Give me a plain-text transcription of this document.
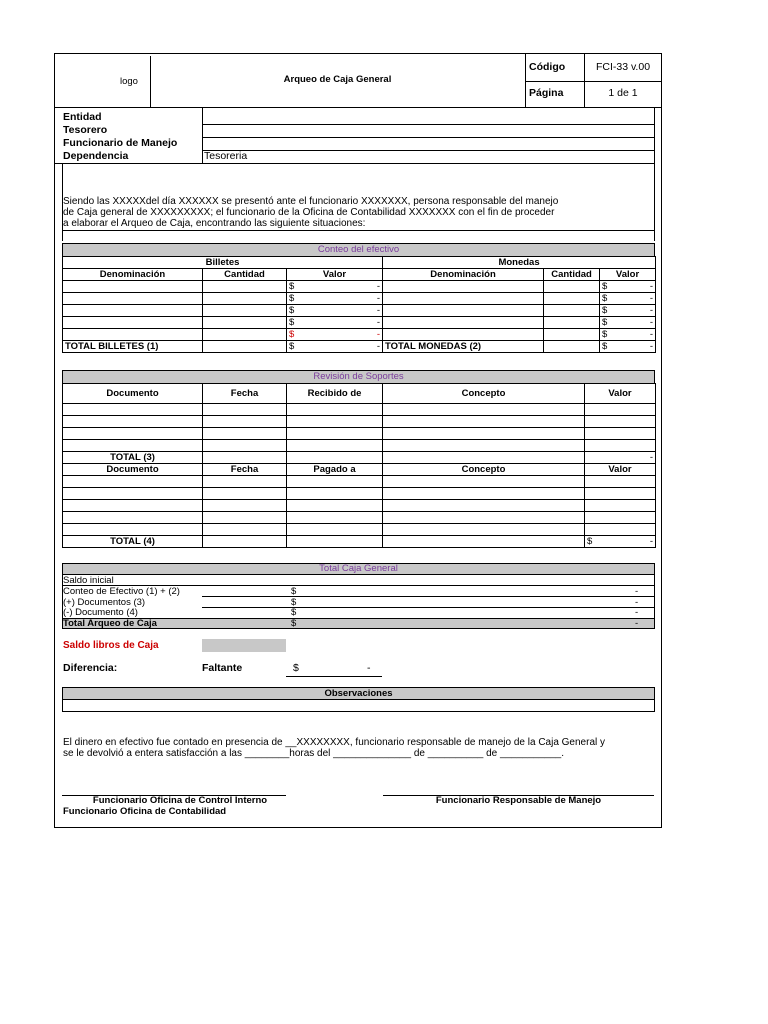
logo	Arqueo de Caja General
Código	FCI-33 v.00
Página	1 de 1
Entidad
Tesorero
Funcionario de Manejo
Dependencia	Tesoreria
Siendo las XXXXXdel día XXXXXX se presentó ante el funcionario XXXXXXX, persona responsable del manejo
de Caja general de XXXXXXXXX; el funcionario de la Oficina de Contabilidad XXXXXXX con el fin de proceder
a elaborar el Arqueo de Caja, encontrando las siguiente situaciones:
Conteo del efectivo
Billetes			Monedas		
Denominación	Cantidad	Valor	Denominación	Cantidad	Valor

		$ -			$ -

		$ -			$ -

		$ -			$ -

		$ -			$ -

		$ -			$ -

TOTAL BILLETES (1)		$ -	TOTAL MONEDAS (2)		$ -
Revisión de Soportes
Documento	Fecha	Recibido de	Concepto	Valor

TOTAL (3)				-
Documento	Fecha	Pagado a	Concepto	Valor

TOTAL (4)				$ -
Total Caja General
Saldo inicial
Conteo de Efectivo (1) + (2)	$	-
(+) Documentos (3)	$	-
(-) Documento (4)	$	-
Total Arqueo de Caja	$	-
Saldo libros de Caja
Diferencia:	Faltante	$	-
Observaciones
El dinero en efectivo fue contado en presencia de __XXXXXXXX, funcionario responsable de manejo de la Caja General y
se le devolvió a entera satisfacción a las ________horas del ______________ de __________ de ___________.
Funcionario Oficina de Control Interno
Funcionario Oficina de Contabilidad
Funcionario Responsable de Manejo
